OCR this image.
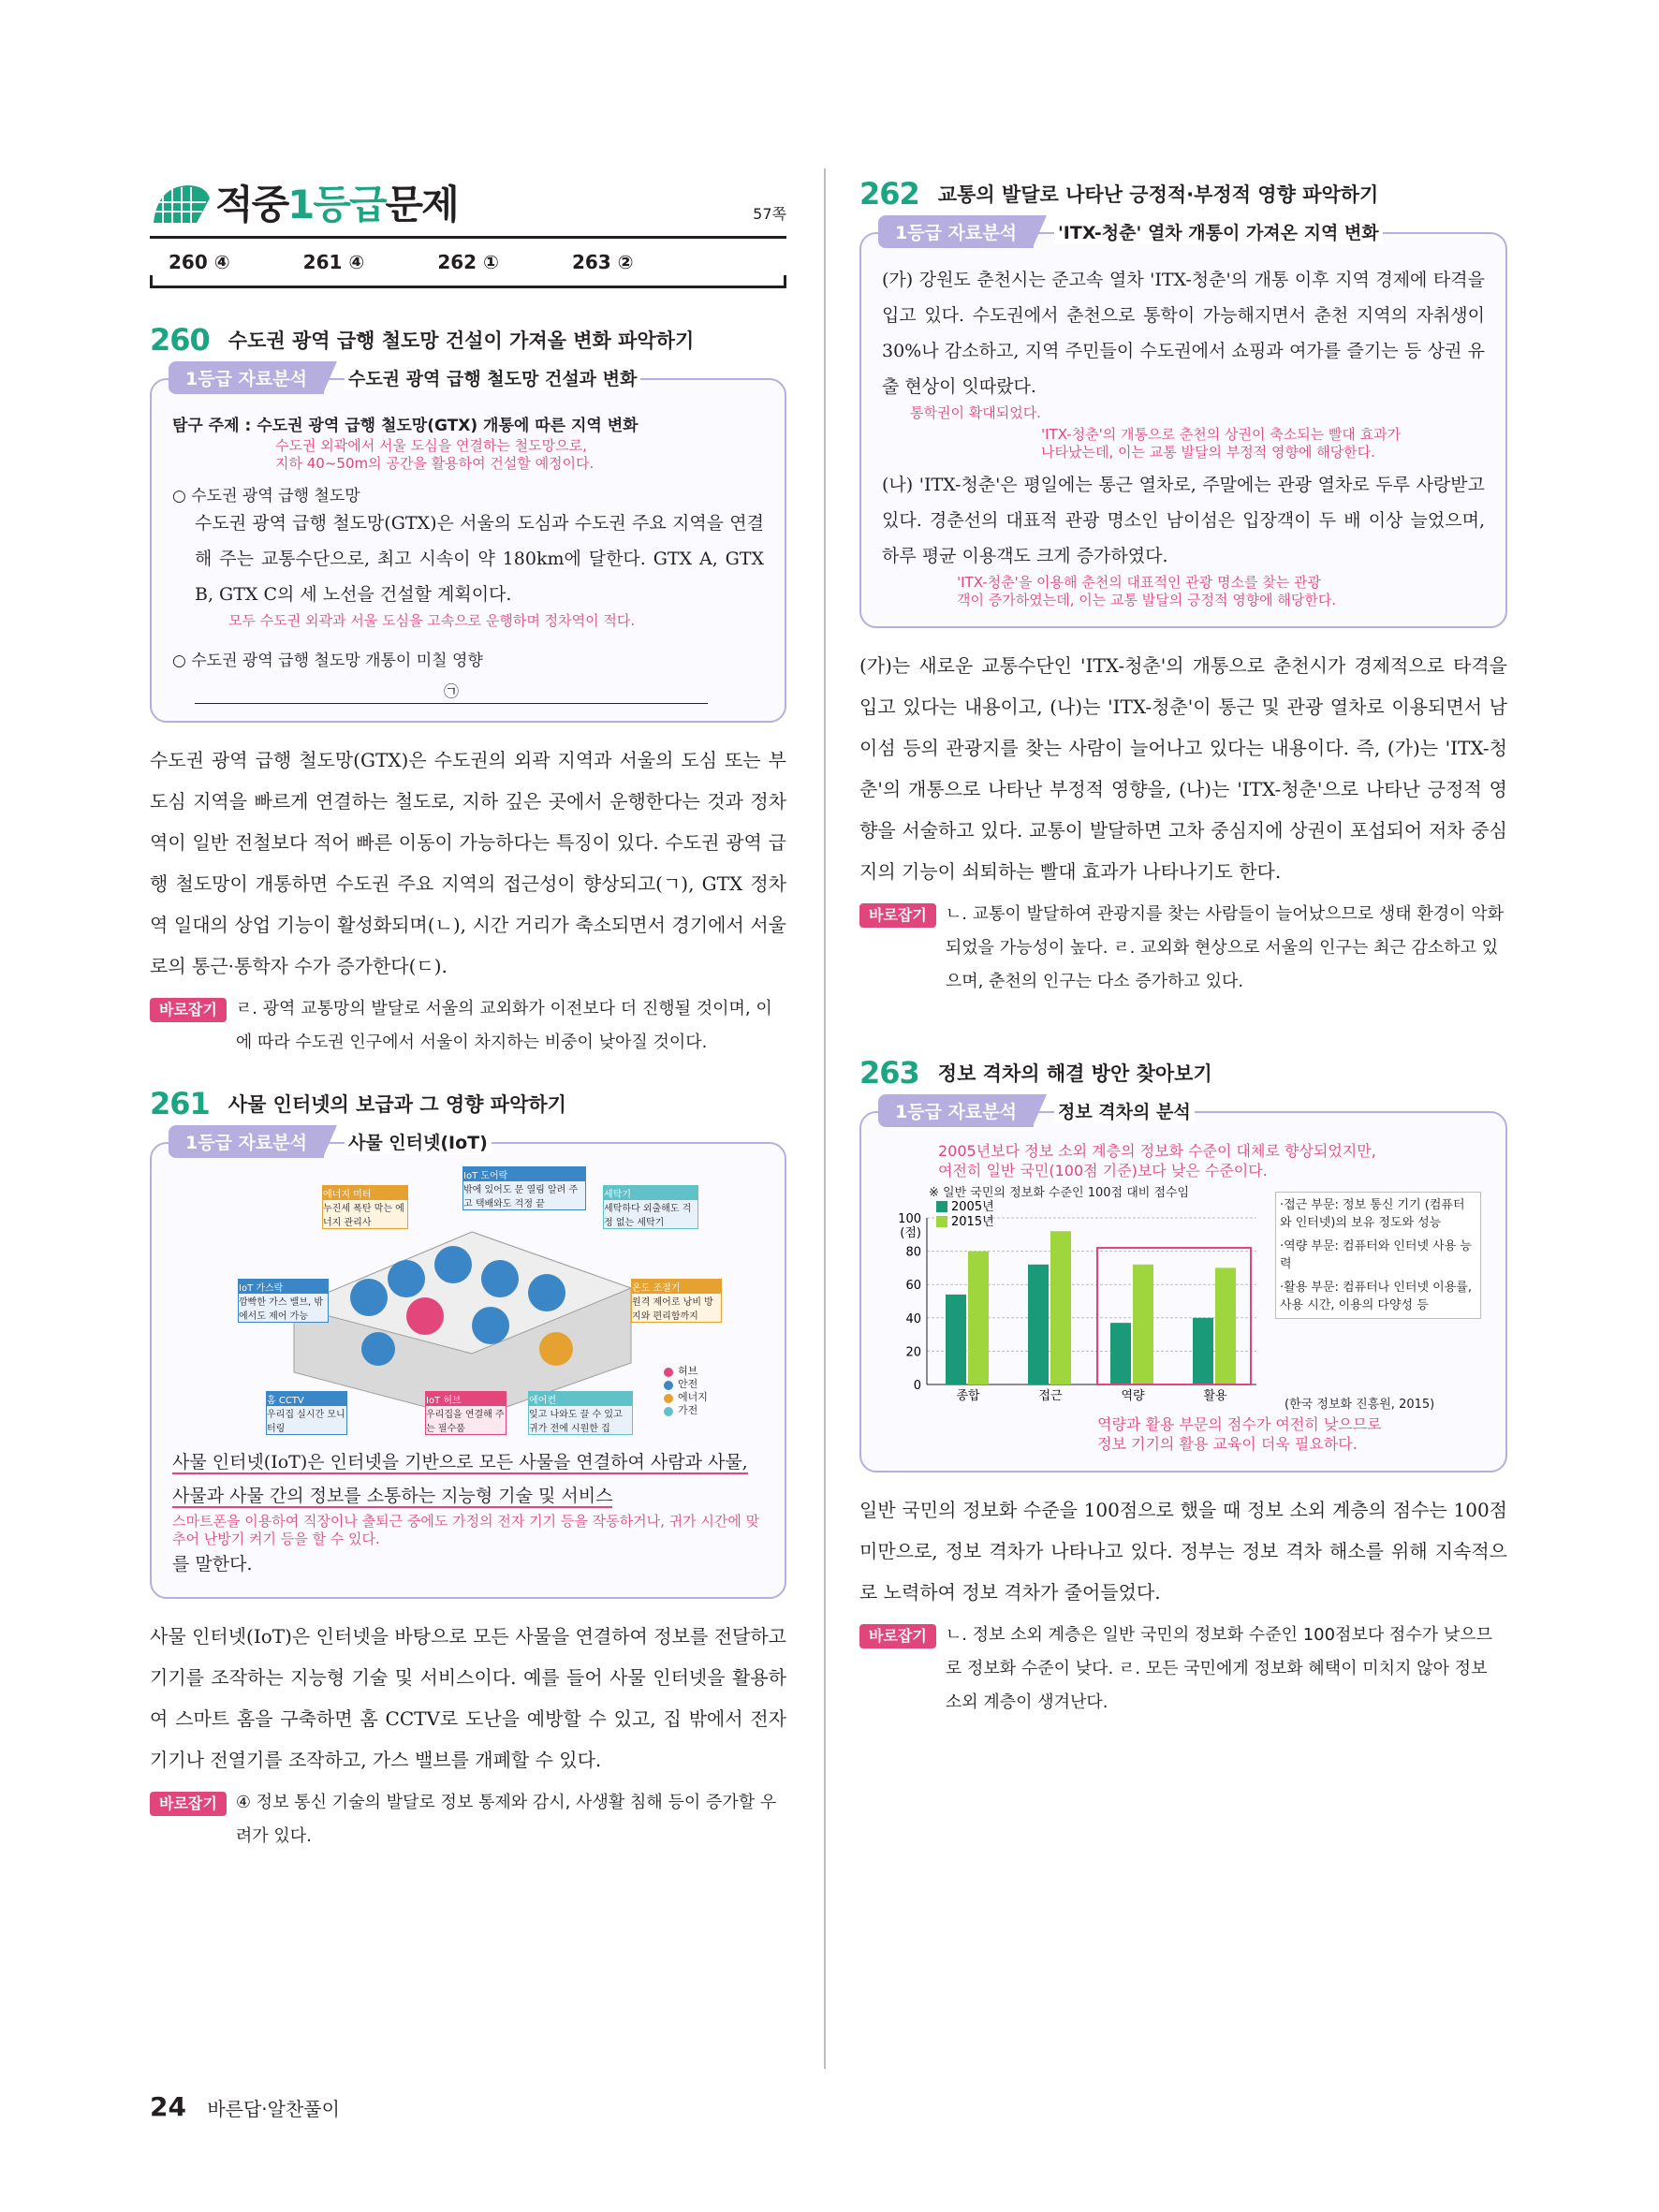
적중1등급문제	57쪽
260 ④	261 ④	262 ①	263 ②
260 수도권 광역 급행 철도망 건설이 가져올 변화 파악하기
1등급 자료분석	수도권 광역 급행 철도망 건설과 변화
탐구 주제 : 수도권 광역 급행 철도망(GTX) 개통에 따른 지역 변화
수도권 외곽에서 서울 도심을 연결하는 철도망으로,
지하 40~50m의 공간을 활용하여 건설할 예정이다.
○ 수도권 광역 급행 철도망
수도권 광역 급행 철도망(GTX)은 서울의 도심과 수도권 주요 지역을 연결해 주는 교통수단으로, 최고 시속이 약 180km에 달한다. GTX A, GTX B, GTX C의 세 노선을 건설할 계획이다.
모두 수도권 외곽과 서울 도심을 고속으로 운행하며 정차역이 적다.
○ 수도권 광역 급행 철도망 개통이 미칠 영향
㉠
수도권 광역 급행 철도망(GTX)은 수도권의 외곽 지역과 서울의 도심 또는 부도심 지역을 빠르게 연결하는 철도로, 지하 깊은 곳에서 운행한다는 것과 정차역이 일반 전철보다 적어 빠른 이동이 가능하다는 특징이 있다. 수도권 광역 급행 철도망이 개통하면 수도권 주요 지역의 접근성이 향상되고(ㄱ), GTX 정차역 일대의 상업 기능이 활성화되며(ㄴ), 시간 거리가 축소되면서 경기에서 서울로의 통근·통학자 수가 증가한다(ㄷ).
바로잡기	ㄹ. 광역 교통망의 발달로 서울의 교외화가 이전보다 더 진행될 것이며, 이에 따라 수도권 인구에서 서울이 차지하는 비중이 낮아질 것이다.
261 사물 인터넷의 보급과 그 영향 파악하기
1등급 자료분석	사물 인터넷(IoT)
허브
안전
에너지
가전
에너지 미터
누진세 폭탄 막는 에너지 관리사
IoT 도어락
밖에 있어도 문 열림 알려 주고 택배와도 걱정 끝
세탁기
세탁하다 외출해도 걱정 없는 세탁기
IoT 가스락
깜빡한 가스 밸브, 밖에서도 제어 가능
온도 조절기
원격 제어로 낭비 방지와 편리함까지
홈 CCTV
우리집 실시간 모니터링
IoT 허브
우리집을 연결해 주는 필수품
에어컨
잊고 나와도 끌 수 있고 귀가 전에 시원한 집
사물 인터넷(IoT)은 인터넷을 기반으로 모든 사물을 연결하여 사람과 사물, 사물과 사물 간의 정보를 소통하는 지능형 기술 및 서비스
스마트폰을 이용하여 직장이나 출퇴근 중에도 가정의 전자 기기 등을 작동하거나, 귀가 시간에 맞추어 난방기 켜기 등을 할 수 있다.
를 말한다.
사물 인터넷(IoT)은 인터넷을 바탕으로 모든 사물을 연결하여 정보를 전달하고 기기를 조작하는 지능형 기술 및 서비스이다. 예를 들어 사물 인터넷을 활용하여 스마트 홈을 구축하면 홈 CCTV로 도난을 예방할 수 있고, 집 밖에서 전자 기기나 전열기를 조작하고, 가스 밸브를 개폐할 수 있다.
바로잡기	④ 정보 통신 기술의 발달로 정보 통제와 감시, 사생활 침해 등이 증가할 우려가 있다.
262 교통의 발달로 나타난 긍정적·부정적 영향 파악하기
1등급 자료분석	'ITX-청춘' 열차 개통이 가져온 지역 변화
(가) 강원도 춘천시는 준고속 열차 'ITX-청춘'의 개통 이후 지역 경제에 타격을 입고 있다. 수도권에서 춘천으로 통학이 가능해지면서 춘천 지역의 자취생이 30%나 감소하고, 지역 주민들이 수도권에서 쇼핑과 여가를 즐기는 등 상권 유출 현상이 잇따랐다.
통학권이 확대되었다.
'ITX-청춘'의 개통으로 춘천의 상권이 축소되는 빨대 효과가
나타났는데, 이는 교통 발달의 부정적 영향에 해당한다.
(나) 'ITX-청춘'은 평일에는 통근 열차로, 주말에는 관광 열차로 두루 사랑받고 있다. 경춘선의 대표적 관광 명소인 남이섬은 입장객이 두 배 이상 늘었으며, 하루 평균 이용객도 크게 증가하였다.
'ITX-청춘'을 이용해 춘천의 대표적인 관광 명소를 찾는 관광
객이 증가하였는데, 이는 교통 발달의 긍정적 영향에 해당한다.
(가)는 새로운 교통수단인 'ITX-청춘'의 개통으로 춘천시가 경제적으로 타격을 입고 있다는 내용이고, (나)는 'ITX-청춘'이 통근 및 관광 열차로 이용되면서 남이섬 등의 관광지를 찾는 사람이 늘어나고 있다는 내용이다. 즉, (가)는 'ITX-청춘'의 개통으로 나타난 부정적 영향을, (나)는 'ITX-청춘'으로 나타난 긍정적 영향을 서술하고 있다. 교통이 발달하면 고차 중심지에 상권이 포섭되어 저차 중심지의 기능이 쇠퇴하는 빨대 효과가 나타나기도 한다.
바로잡기	ㄴ. 교통이 발달하여 관광지를 찾는 사람들이 늘어났으므로 생태 환경이 악화되었을 가능성이 높다. ㄹ. 교외화 현상으로 서울의 인구는 최근 감소하고 있으며, 춘천의 인구는 다소 증가하고 있다.
263 정보 격차의 해결 방안 찾아보기
1등급 자료분석	정보 격차의 분석
2005년보다 정보 소외 계층의 정보화 수준이 대체로 향상되었지만,
여전히 일반 국민(100점 기준)보다 낮은 수준이다.
※ 일반 국민의 정보화 수준인 100점 대비 점수임
0
20
40
60
80
100
(점)
종합	접근	역량	활용
2005년
2015년
·접근 부문: 정보 통신 기기 (컴퓨터와 인터넷)의 보유 정도와 성능
·역량 부문: 컴퓨터와 인터넷 사용 능력
·활용 부문: 컴퓨터나 인터넷 이용률, 사용 시간, 이용의 다양성 등
(한국 정보화 진흥원, 2015)
역량과 활용 부문의 점수가 여전히 낮으므로
정보 기기의 활용 교육이 더욱 필요하다.
일반 국민의 정보화 수준을 100점으로 했을 때 정보 소외 계층의 점수는 100점 미만으로, 정보 격차가 나타나고 있다. 정부는 정보 격차 해소를 위해 지속적으로 노력하여 정보 격차가 줄어들었다.
바로잡기	ㄴ. 정보 소외 계층은 일반 국민의 정보화 수준인 100점보다 점수가 낮으므로 정보화 수준이 낮다. ㄹ. 모든 국민에게 정보화 혜택이 미치지 않아 정보 소외 계층이 생겨난다.
24 바른답·알찬풀이
